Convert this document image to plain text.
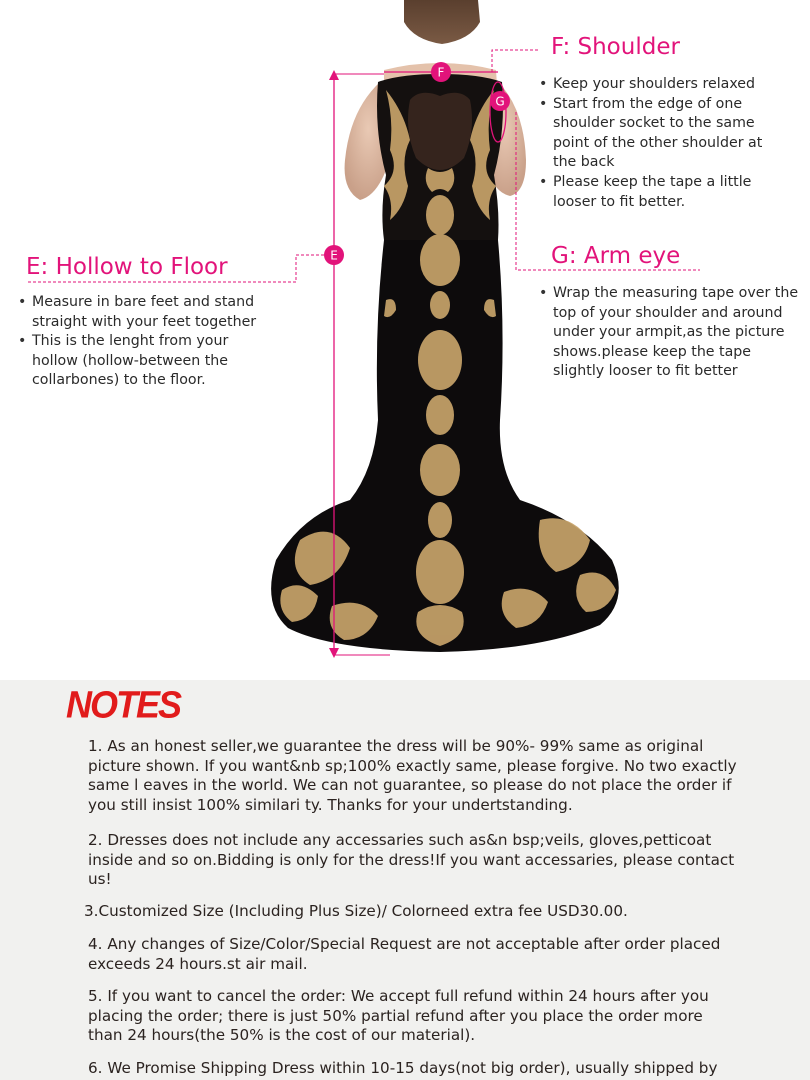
F
G
E
F: Shoulder
• Keep your shoulders relaxed
• Start from the edge of one shoulder socket to the same point of the other shoulder at the back
• Please keep the tape a little looser to fit better.
G: Arm eye
• Wrap the measuring tape over the top of your shoulder and around under your armpit,as the picture shows.please keep the tape slightly looser to fit better
E: Hollow to Floor
• Measure in bare feet and stand straight with your feet together
• This is the lenght from your hollow (hollow-between the collarbones) to the floor.
NOTES

1. As an honest seller,we guarantee the dress will be 90%- 99% same as original picture shown. If you want&nb sp;100% exactly same, please forgive. No two exactly same l eaves in the world. We can not guarantee, so please do not place the order if you still insist 100% similari ty. Thanks for your undertstanding.

2. Dresses does not include any accessaries such as&n bsp;veils, gloves,petticoat inside and so on.Bidding is only for the dress!If you want accessaries, please contact us!

3.Customized Size (Including Plus Size)/ Colorneed extra fee USD30.00.

4. Any changes of Size/Color/Special Request are not acceptable after order placed exceeds 24 hours.st air mail.

5. If you want to cancel the order: We accept full refund within 24 hours after you placing the order; there is just 50% partial refund after you place the order more than 24 hours(the 50% is the cost of our material).

6. We Promise Shipping Dress within 10-15 days(not big order), usually shipped by
